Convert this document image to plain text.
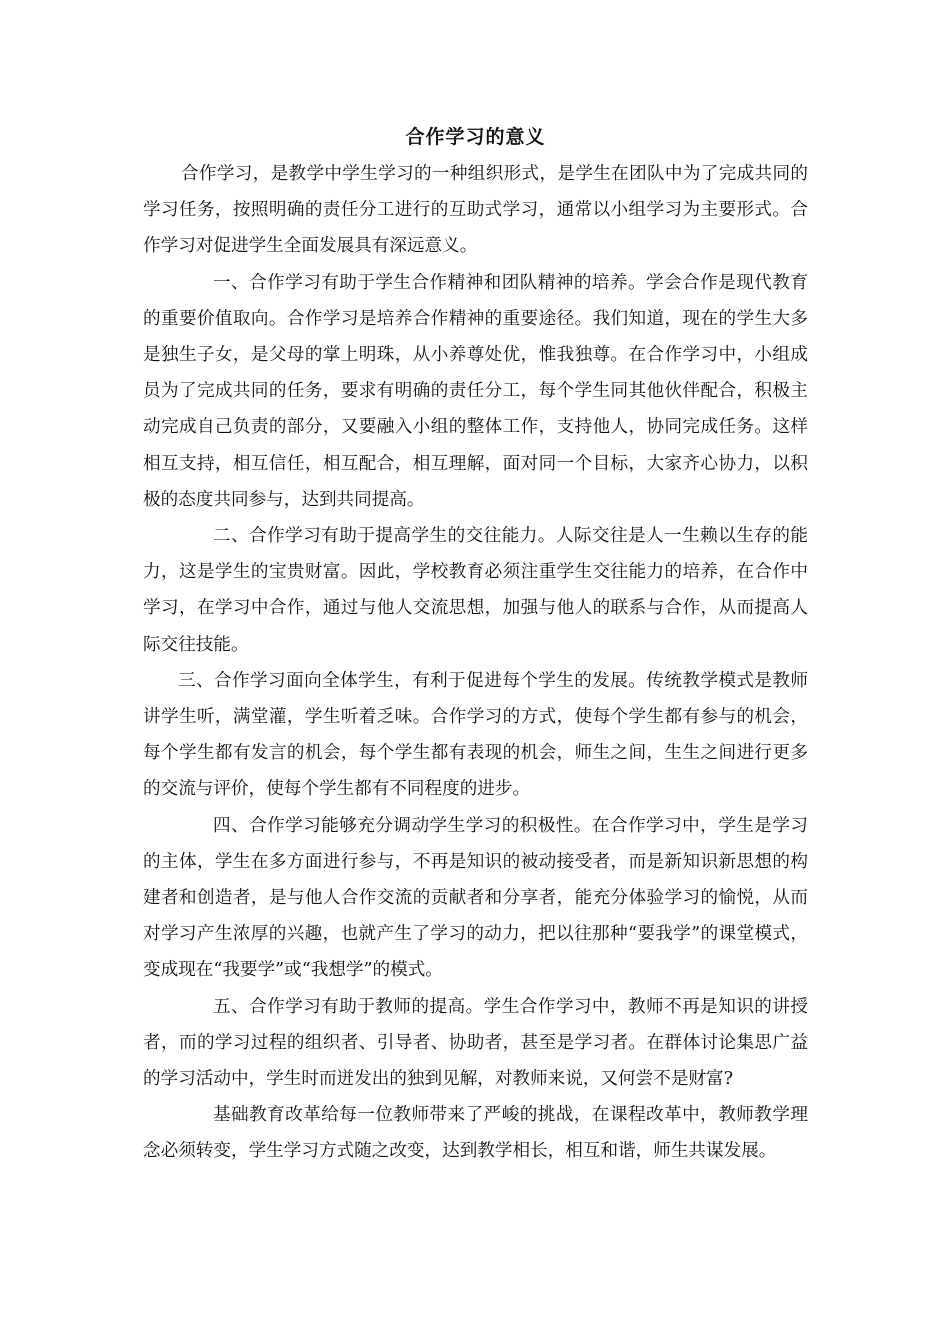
合作学习的意义

合作学习，是教学中学生学习的一种组织形式，是学生在团队中为了完成共同的学习任务，按照明确的责任分工进行的互助式学习，通常以小组学习为主要形式。合作学习对促进学生全面发展具有深远意义。

一、合作学习有助于学生合作精神和团队精神的培养。学会合作是现代教育的重要价值取向。合作学习是培养合作精神的重要途径。我们知道，现在的学生大多是独生子女，是父母的掌上明珠，从小养尊处优，惟我独尊。在合作学习中，小组成员为了完成共同的任务，要求有明确的责任分工，每个学生同其他伙伴配合，积极主动完成自己负责的部分，又要融入小组的整体工作，支持他人，协同完成任务。这样相互支持，相互信任，相互配合，相互理解，面对同一个目标，大家齐心协力，以积极的态度共同参与，达到共同提高。

二、合作学习有助于提高学生的交往能力。人际交往是人一生赖以生存的能力，这是学生的宝贵财富。因此，学校教育必须注重学生交往能力的培养，在合作中学习，在学习中合作，通过与他人交流思想，加强与他人的联系与合作，从而提高人际交往技能。

三、合作学习面向全体学生，有利于促进每个学生的发展。传统教学模式是教师讲学生听，满堂灌，学生听着乏味。合作学习的方式，使每个学生都有参与的机会，每个学生都有发言的机会，每个学生都有表现的机会，师生之间，生生之间进行更多的交流与评价，使每个学生都有不同程度的进步。

四、合作学习能够充分调动学生学习的积极性。在合作学习中，学生是学习的主体，学生在多方面进行参与，不再是知识的被动接受者，而是新知识新思想的构建者和创造者，是与他人合作交流的贡献者和分享者，能充分体验学习的愉悦，从而对学习产生浓厚的兴趣，也就产生了学习的动力，把以往那种“要我学”的课堂模式，变成现在“我要学”或“我想学”的模式。

五、合作学习有助于教师的提高。学生合作学习中，教师不再是知识的讲授者，而的学习过程的组织者、引导者、协助者，甚至是学习者。在群体讨论集思广益的学习活动中，学生时而迸发出的独到见解，对教师来说，又何尝不是财富?

基础教育改革给每一位教师带来了严峻的挑战，在课程改革中，教师教学理念必须转变，学生学习方式随之改变，达到教学相长，相互和谐，师生共谋发展。
